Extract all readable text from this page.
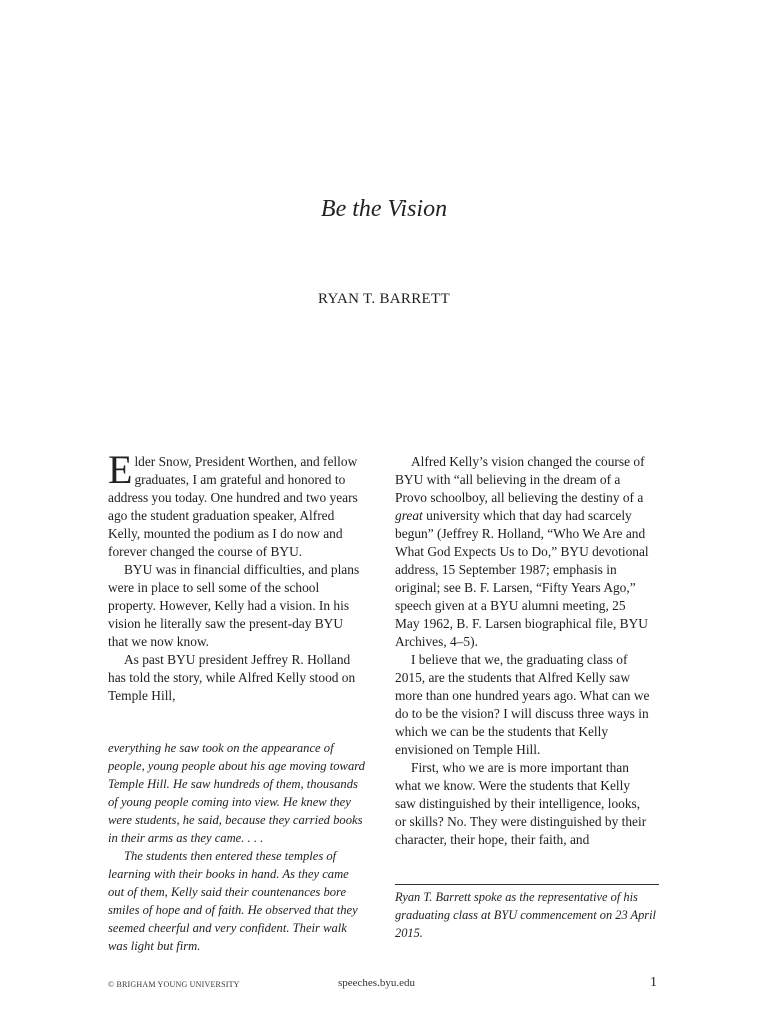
Be the Vision
RYAN T. BARRETT

Elder Snow, President Worthen, and fellow graduates, I am grateful and honored to address you today. One hundred and two years ago the student graduation speaker, Alfred Kelly, mounted the podium as I do now and forever changed the course of BYU.

BYU was in financial difficulties, and plans were in place to sell some of the school property. However, Kelly had a vision. In his vision he literally saw the present-day BYU that we now know.

As past BYU president Jeffrey R. Holland has told the story, while Alfred Kelly stood on Temple Hill,

everything he saw took on the appearance of people, young people about his age moving toward Temple Hill. He saw hundreds of them, thousands of young people coming into view. He knew they were students, he said, because they carried books in their arms as they came. . . .

The students then entered these temples of learning with their books in hand. As they came out of them, Kelly said their countenances bore smiles of hope and of faith. He observed that they seemed cheerful and very confident. Their walk was light but firm.

Alfred Kelly’s vision changed the course of BYU with “all believing in the dream of a Provo schoolboy, all believing the destiny of a great university which that day had scarcely begun” (Jeffrey R. Holland, “Who We Are and What God Expects Us to Do,” BYU devotional address, 15 September 1987; emphasis in original; see B. F. Larsen, “Fifty Years Ago,” speech given at a BYU alumni meeting, 25 May 1962, B. F. Larsen biographical file, BYU Archives, 4–5).

I believe that we, the graduating class of 2015, are the students that Alfred Kelly saw more than one hundred years ago. What can we do to be the vision? I will discuss three ways in which we can be the students that Kelly envisioned on Temple Hill.

First, who we are is more important than what we know. Were the students that Kelly saw distinguished by their intelligence, looks, or skills? No. They were distinguished by their character, their hope, their faith, and

Ryan T. Barrett spoke as the representative of his graduating class at BYU commencement on 23 April 2015.
© BRIGHAM YOUNG UNIVERSITY	speeches.byu.edu	1
